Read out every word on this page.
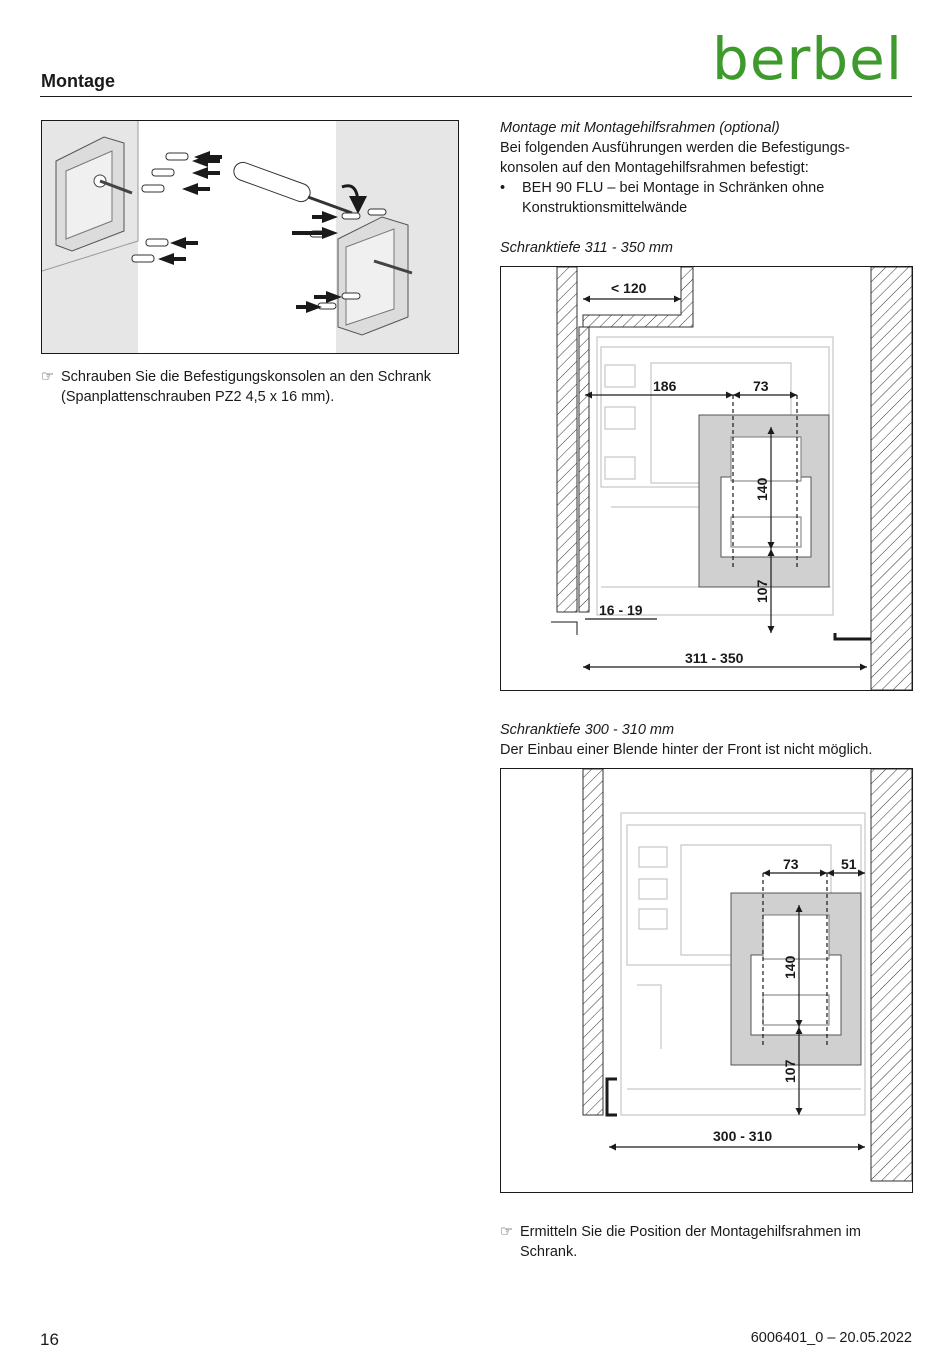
berbel
Montage
☞ Schrauben Sie die Befestigungskonsolen an den Schrank (Spanplattenschrauben PZ2 4,5 x 16 mm).
Montage mit Montagehilfsrahmen (optional)
Bei folgenden Ausführungen werden die Befestigungs-konsolen auf den Montagehilfsrahmen befestigt:
• BEH 90 FLU – bei Montage in Schränken ohne Konstruktionsmittelwände
Schranktiefe 311 - 350 mm
< 120
186	73
140
107
16 - 19
311 - 350
Schranktiefe 300 - 310 mm
Der Einbau einer Blende hinter der Front ist nicht möglich.
73	51
140
107
300 - 310
☞ Ermitteln Sie die Position der Montagehilfsrahmen im Schrank.
16	6006401_0 – 20.05.2022
